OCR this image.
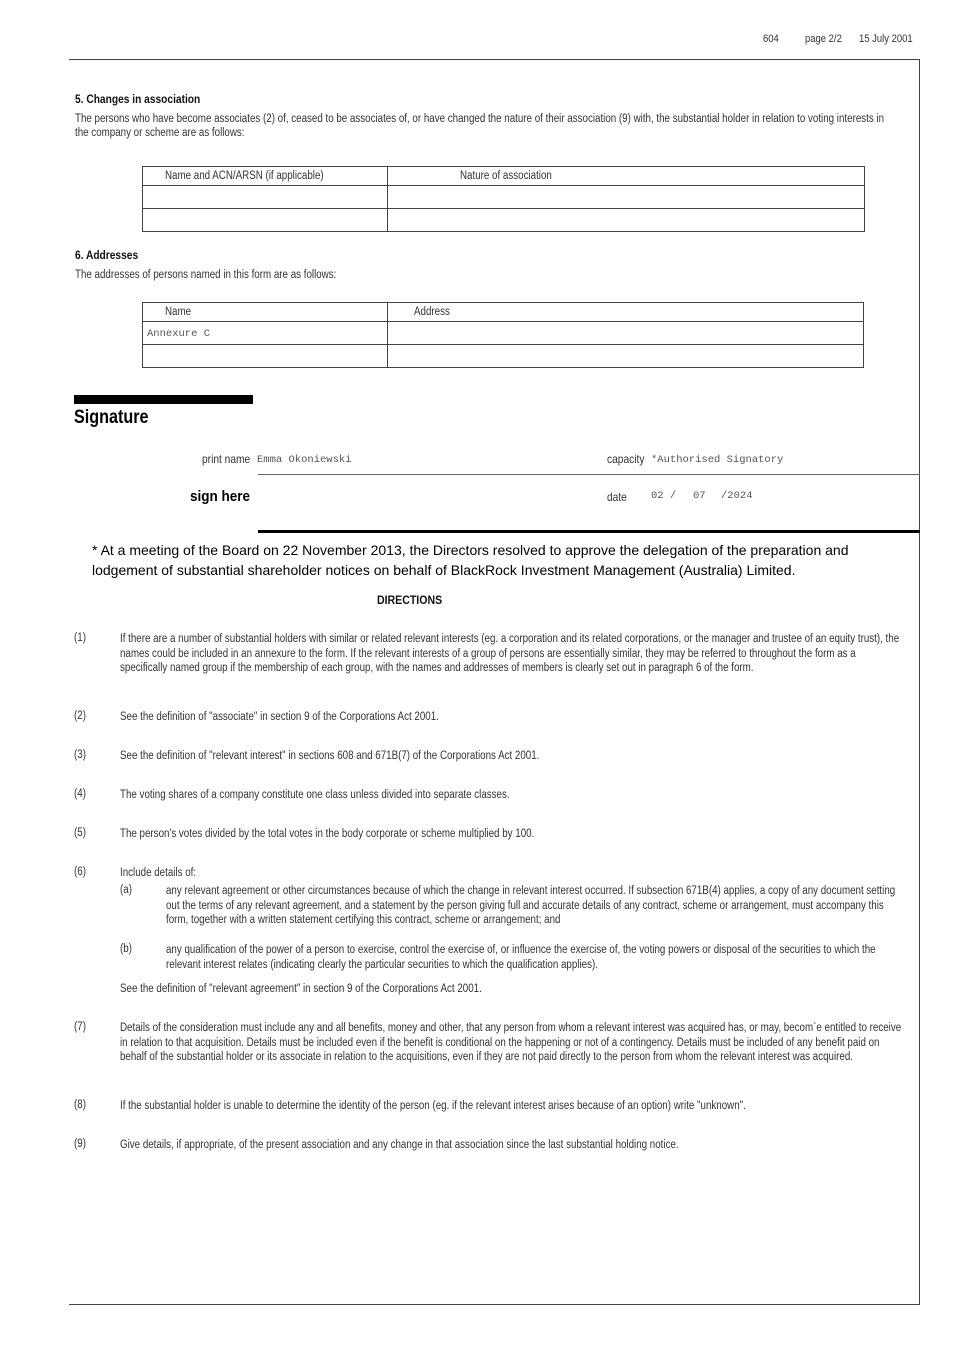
604 page 2/2 15 July 2001
5. Changes in association
The persons who have become associates (2) of, ceased to be associates of, or have changed the nature of their association (9) with, the substantial holder in relation to voting interests in the company or scheme are as follows:
Name and ACN/ARSN (if applicable)	Nature of association

6. Addresses
The addresses of persons named in this form are as follows:
Name	Address
Annexure C	

Signature
print name Emma Okoniewski	capacity *Authorised Signatory
sign here	date 02 / 07 /2024
* At a meeting of the Board on 22 November 2013, the Directors resolved to approve the delegation of the preparation and lodgement of substantial shareholder notices on behalf of BlackRock Investment Management (Australia) Limited.
DIRECTIONS
(1)	If there are a number of substantial holders with similar or related relevant interests (eg. a corporation and its related corporations, or the manager and trustee of an equity trust), the names could be included in an annexure to the form. If the relevant interests of a group of persons are essentially similar, they may be referred to throughout the form as a specifically named group if the membership of each group, with the names and addresses of members is clearly set out in paragraph 6 of the form.
(2)	See the definition of "associate" in section 9 of the Corporations Act 2001.
(3)	See the definition of "relevant interest" in sections 608 and 671B(7) of the Corporations Act 2001.
(4)	The voting shares of a company constitute one class unless divided into separate classes.
(5)	The person's votes divided by the total votes in the body corporate or scheme multiplied by 100.
(6)	Include details of:
(a)	any relevant agreement or other circumstances because of which the change in relevant interest occurred. If subsection 671B(4) applies, a copy of any document setting out the terms of any relevant agreement, and a statement by the person giving full and accurate details of any contract, scheme or arrangement, must accompany this form, together with a written statement certifying this contract, scheme or arrangement; and
(b)	any qualification of the power of a person to exercise, control the exercise of, or influence the exercise of, the voting powers or disposal of the securities to which the relevant interest relates (indicating clearly the particular securities to which the qualification applies).
See the definition of "relevant agreement" in section 9 of the Corporations Act 2001.
(7)	Details of the consideration must include any and all benefits, money and other, that any person from whom a relevant interest was acquired has, or may, becom`e entitled to receive in relation to that acquisition. Details must be included even if the benefit is conditional on the happening or not of a contingency. Details must be included of any benefit paid on behalf of the substantial holder or its associate in relation to the acquisitions, even if they are not paid directly to the person from whom the relevant interest was acquired.
(8)	If the substantial holder is unable to determine the identity of the person (eg. if the relevant interest arises because of an option) write "unknown".
(9)	Give details, if appropriate, of the present association and any change in that association since the last substantial holding notice.
